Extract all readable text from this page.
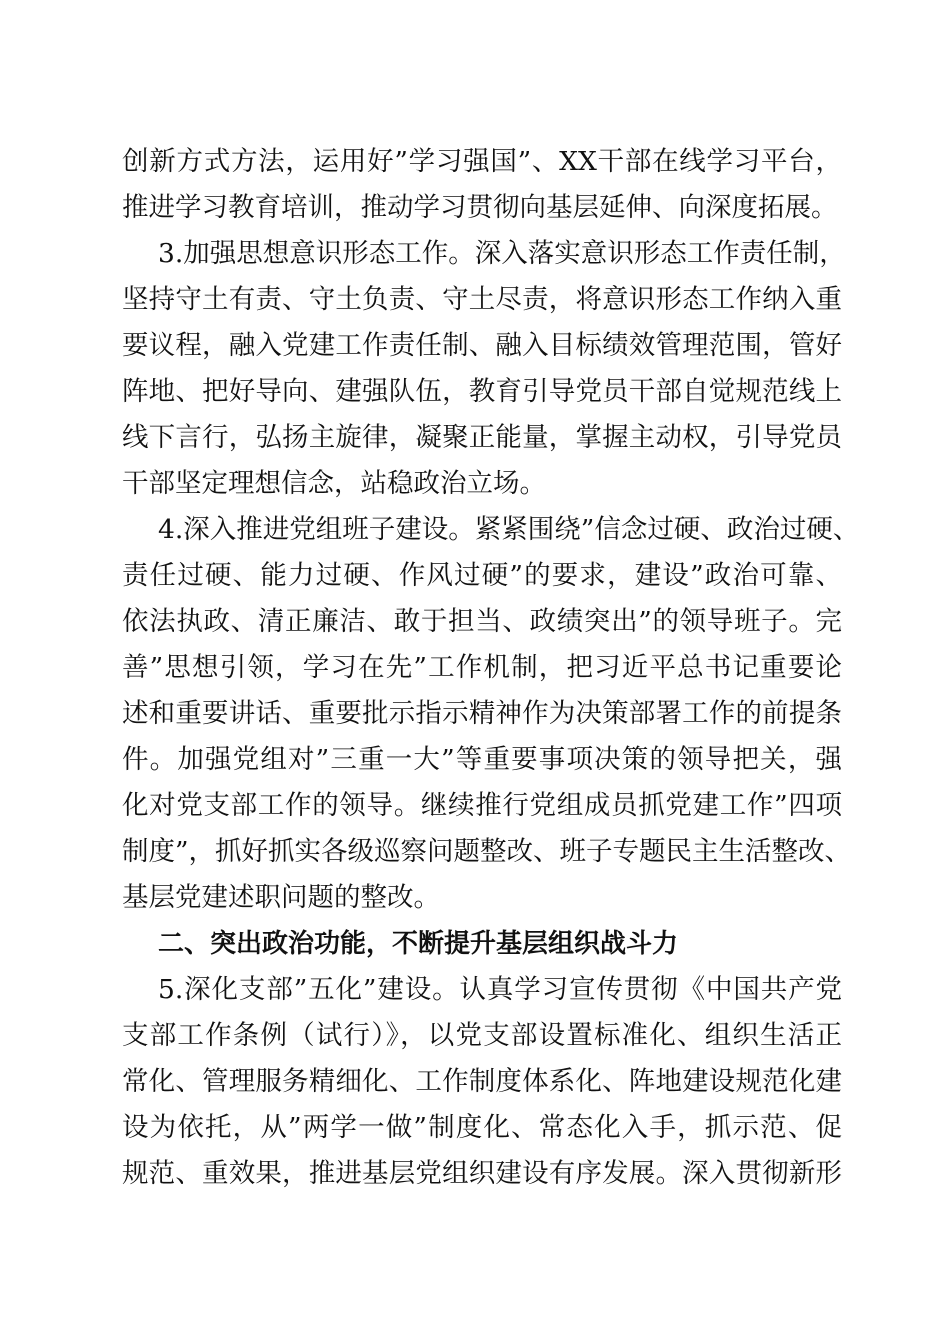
创新方式方法，运用好”学习强国”、XX干部在线学习平台，
推进学习教育培训，推动学习贯彻向基层延伸、向深度拓展。
3.加强思想意识形态工作。深入落实意识形态工作责任制，
坚持守土有责、守土负责、守土尽责，将意识形态工作纳入重
要议程，融入党建工作责任制、融入目标绩效管理范围，管好
阵地、把好导向、建强队伍，教育引导党员干部自觉规范线上
线下言行，弘扬主旋律，凝聚正能量，掌握主动权，引导党员
干部坚定理想信念，站稳政治立场。
4.深入推进党组班子建设。紧紧围绕”信念过硬、政治过硬、
责任过硬、能力过硬、作风过硬”的要求，建设”政治可靠、
依法执政、清正廉洁、敢于担当、政绩突出”的领导班子。完
善”思想引领，学习在先”工作机制，把习近平总书记重要论
述和重要讲话、重要批示指示精神作为决策部署工作的前提条
件。加强党组对”三重一大”等重要事项决策的领导把关，强
化对党支部工作的领导。继续推行党组成员抓党建工作”四项
制度”，抓好抓实各级巡察问题整改、班子专题民主生活整改、
基层党建述职问题的整改。
二、突出政治功能，不断提升基层组织战斗力
5.深化支部”五化”建设。认真学习宣传贯彻《中国共产党
支部工作条例（试行）》，以党支部设置标准化、组织生活正
常化、管理服务精细化、工作制度体系化、阵地建设规范化建
设为依托，从”两学一做”制度化、常态化入手，抓示范、促
规范、重效果，推进基层党组织建设有序发展。深入贯彻新形
